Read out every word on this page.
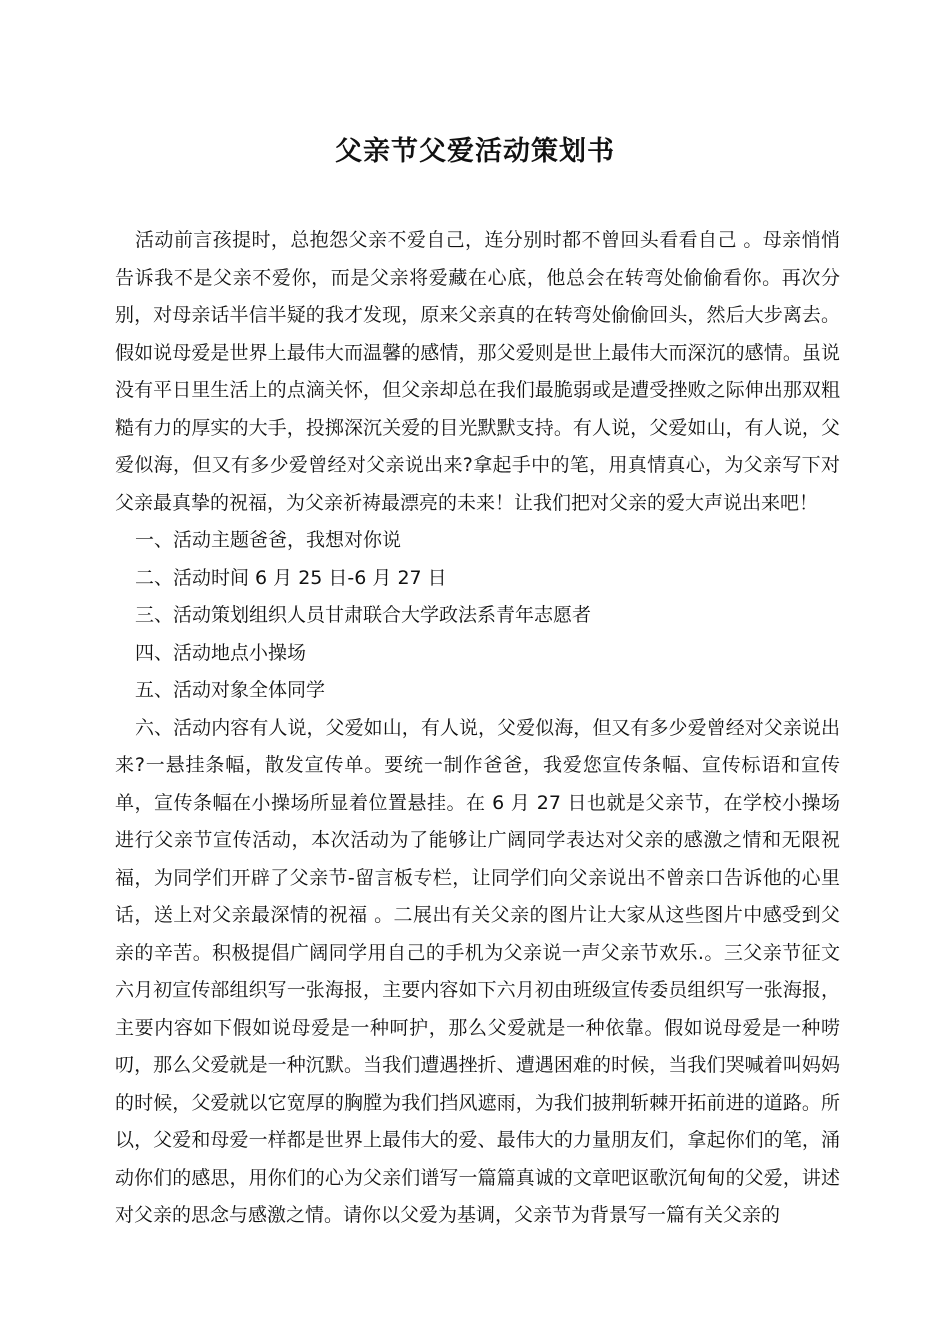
父亲节父爱活动策划书

活动前言孩提时，总抱怨父亲不爱自己，连分别时都不曾回头看看自己 。母亲悄悄告诉我不是父亲不爱你，而是父亲将爱藏在心底，他总会在转弯处偷偷看你。再次分别，对母亲话半信半疑的我才发现，原来父亲真的在转弯处偷偷回头，然后大步离去。假如说母爱是世界上最伟大而温馨的感情，那父爱则是世上最伟大而深沉的感情。虽说没有平日里生活上的点滴关怀，但父亲却总在我们最脆弱或是遭受挫败之际伸出那双粗糙有力的厚实的大手，投掷深沉关爱的目光默默支持。有人说，父爱如山，有人说，父爱似海，但又有多少爱曾经对父亲说出来?拿起手中的笔，用真情真心，为父亲写下对父亲最真挚的祝福，为父亲祈祷最漂亮的未来！让我们把对父亲的爱大声说出来吧！

一、活动主题爸爸，我想对你说

二、活动时间 6 月 25 日-6 月 27 日

三、活动策划组织人员甘肃联合大学政法系青年志愿者

四、活动地点小操场

五、活动对象全体同学

六、活动内容有人说，父爱如山，有人说，父爱似海，但又有多少爱曾经对父亲说出来?一悬挂条幅，散发宣传单。要统一制作爸爸，我爱您宣传条幅、宣传标语和宣传单，宣传条幅在小操场所显着位置悬挂。在 6 月 27 日也就是父亲节，在学校小操场进行父亲节宣传活动，本次活动为了能够让广阔同学表达对父亲的感激之情和无限祝福，为同学们开辟了父亲节-留言板专栏，让同学们向父亲说出不曾亲口告诉他的心里话，送上对父亲最深情的祝福 。二展出有关父亲的图片让大家从这些图片中感受到父亲的辛苦。积极提倡广阔同学用自己的手机为父亲说一声父亲节欢乐.。三父亲节征文六月初宣传部组织写一张海报，主要内容如下六月初由班级宣传委员组织写一张海报，主要内容如下假如说母爱是一种呵护，那么父爱就是一种依靠。假如说母爱是一种唠叨，那么父爱就是一种沉默。当我们遭遇挫折、遭遇困难的时候，当我们哭喊着叫妈妈的时候，父爱就以它宽厚的胸膛为我们挡风遮雨，为我们披荆斩棘开拓前进的道路。所以，父爱和母爱一样都是世界上最伟大的爱、最伟大的力量朋友们，拿起你们的笔，涌动你们的感思，用你们的心为父亲们谱写一篇篇真诚的文章吧讴歌沉甸甸的父爱，讲述对父亲的思念与感激之情。请你以父爱为基调，父亲节为背景写一篇有关父亲的
